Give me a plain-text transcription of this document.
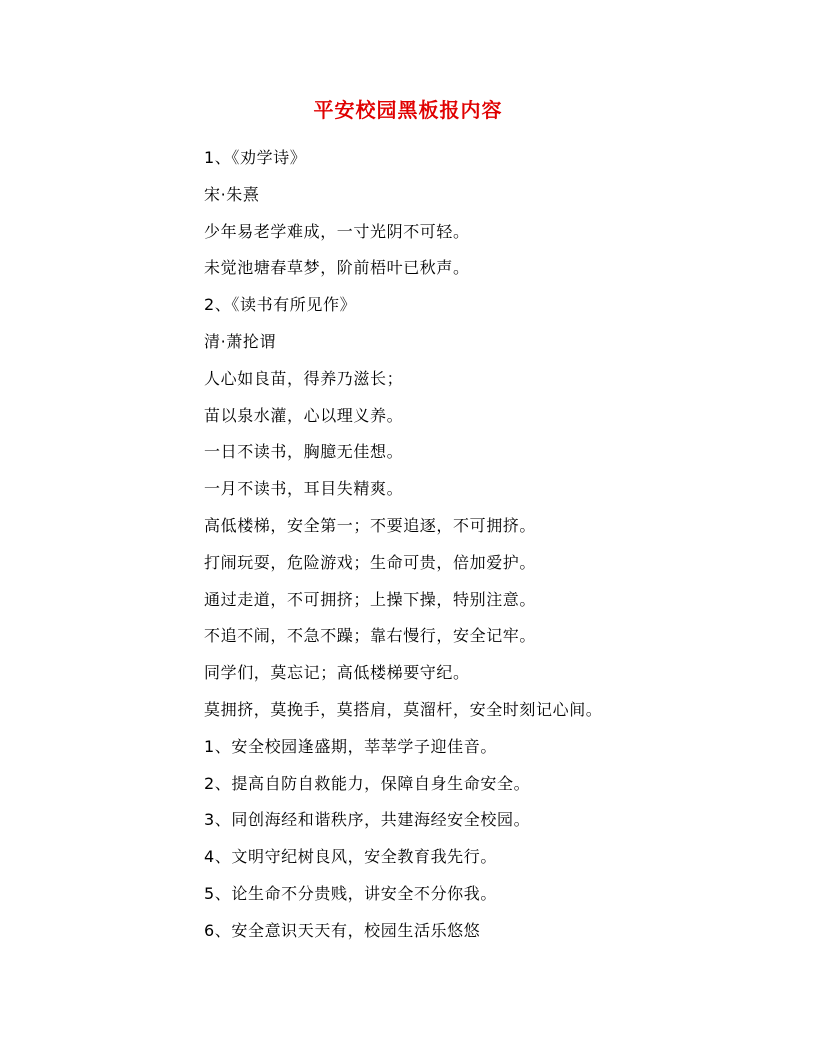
平安校园黑板报内容
1、《劝学诗》
宋·朱熹
少年易老学难成，一寸光阴不可轻。
未觉池塘春草梦，阶前梧叶已秋声。
2、《读书有所见作》
清·萧抡谓
人心如良苗，得养乃滋长；
苗以泉水灌，心以理义养。
一日不读书，胸臆无佳想。
一月不读书，耳目失精爽。
高低楼梯，安全第一；不要追逐，不可拥挤。
打闹玩耍，危险游戏；生命可贵，倍加爱护。
通过走道，不可拥挤；上操下操，特别注意。
不追不闹，不急不躁；靠右慢行，安全记牢。
同学们，莫忘记；高低楼梯要守纪。
莫拥挤，莫挽手，莫搭肩，莫溜杆，安全时刻记心间。
1、安全校园逢盛期，莘莘学子迎佳音。
2、提高自防自救能力，保障自身生命安全。
3、同创海经和谐秩序，共建海经安全校园。
4、文明守纪树良风，安全教育我先行。
5、论生命不分贵贱，讲安全不分你我。
6、安全意识天天有，校园生活乐悠悠
